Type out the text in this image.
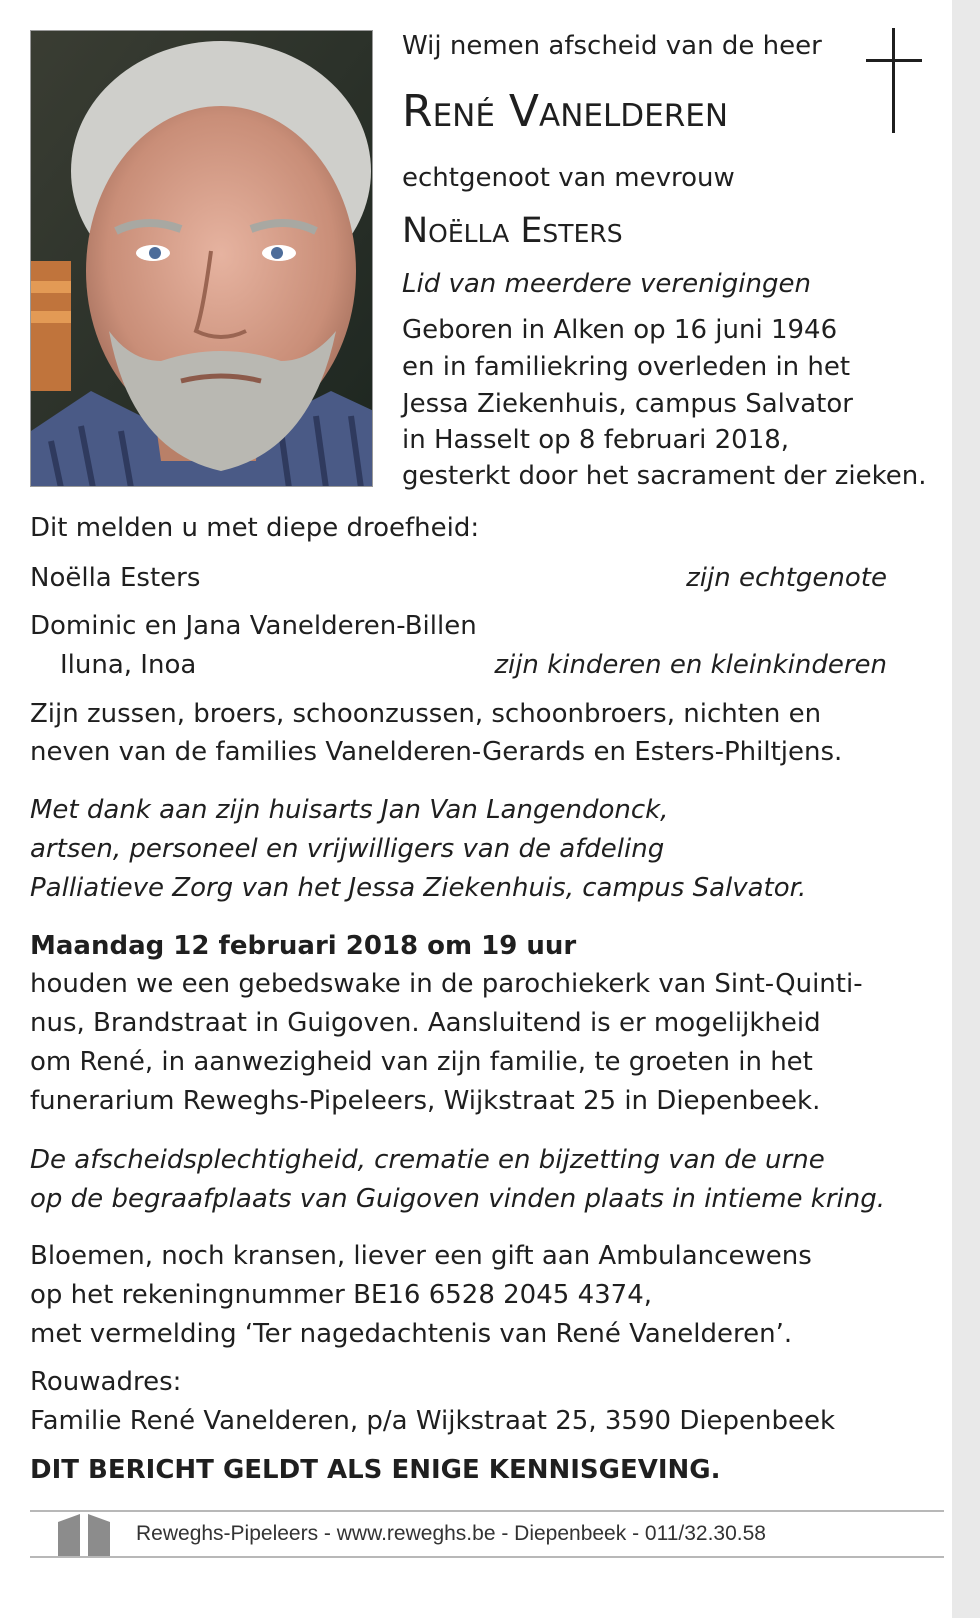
Wij nemen afscheid van de heer
René Vanelderen
echtgenoot van mevrouw
Noëlla Esters
Lid van meerdere verenigingen
Geboren in Alken op 16 juni 1946
en in familiekring overleden in het
Jessa Ziekenhuis, campus Salvator
in Hasselt op 8 februari 2018,
gesterkt door het sacrament der zieken.
Dit melden u met diepe droefheid:
Noëlla Esters	zijn echtgenote
Dominic en Jana Vanelderen-Billen
Iluna, Inoa	zijn kinderen en kleinkinderen
Zijn zussen, broers, schoonzussen, schoonbroers, nichten en
neven van de families Vanelderen-Gerards en Esters-Philtjens.
Met dank aan zijn huisarts Jan Van Langendonck,
artsen, personeel en vrijwilligers van de afdeling
Palliatieve Zorg van het Jessa Ziekenhuis, campus Salvator.
Maandag 12 februari 2018 om 19 uur
houden we een gebedswake in de parochiekerk van Sint-Quinti-
nus, Brandstraat in Guigoven. Aansluitend is er mogelijkheid
om René, in aanwezigheid van zijn familie, te groeten in het
funerarium Reweghs-Pipeleers, Wijkstraat 25 in Diepenbeek.
De afscheidsplechtigheid, crematie en bijzetting van de urne
op de begraafplaats van Guigoven vinden plaats in intieme kring.
Bloemen, noch kransen, liever een gift aan Ambulancewens
op het rekeningnummer BE16 6528 2045 4374,
met vermelding ‘Ter nagedachtenis van René Vanelderen’.
Rouwadres:
Familie René Vanelderen, p/a Wijkstraat 25, 3590 Diepenbeek
DIT BERICHT GELDT ALS ENIGE KENNISGEVING.
Reweghs-Pipeleers - www.reweghs.be - Diepenbeek - 011/32.30.58
